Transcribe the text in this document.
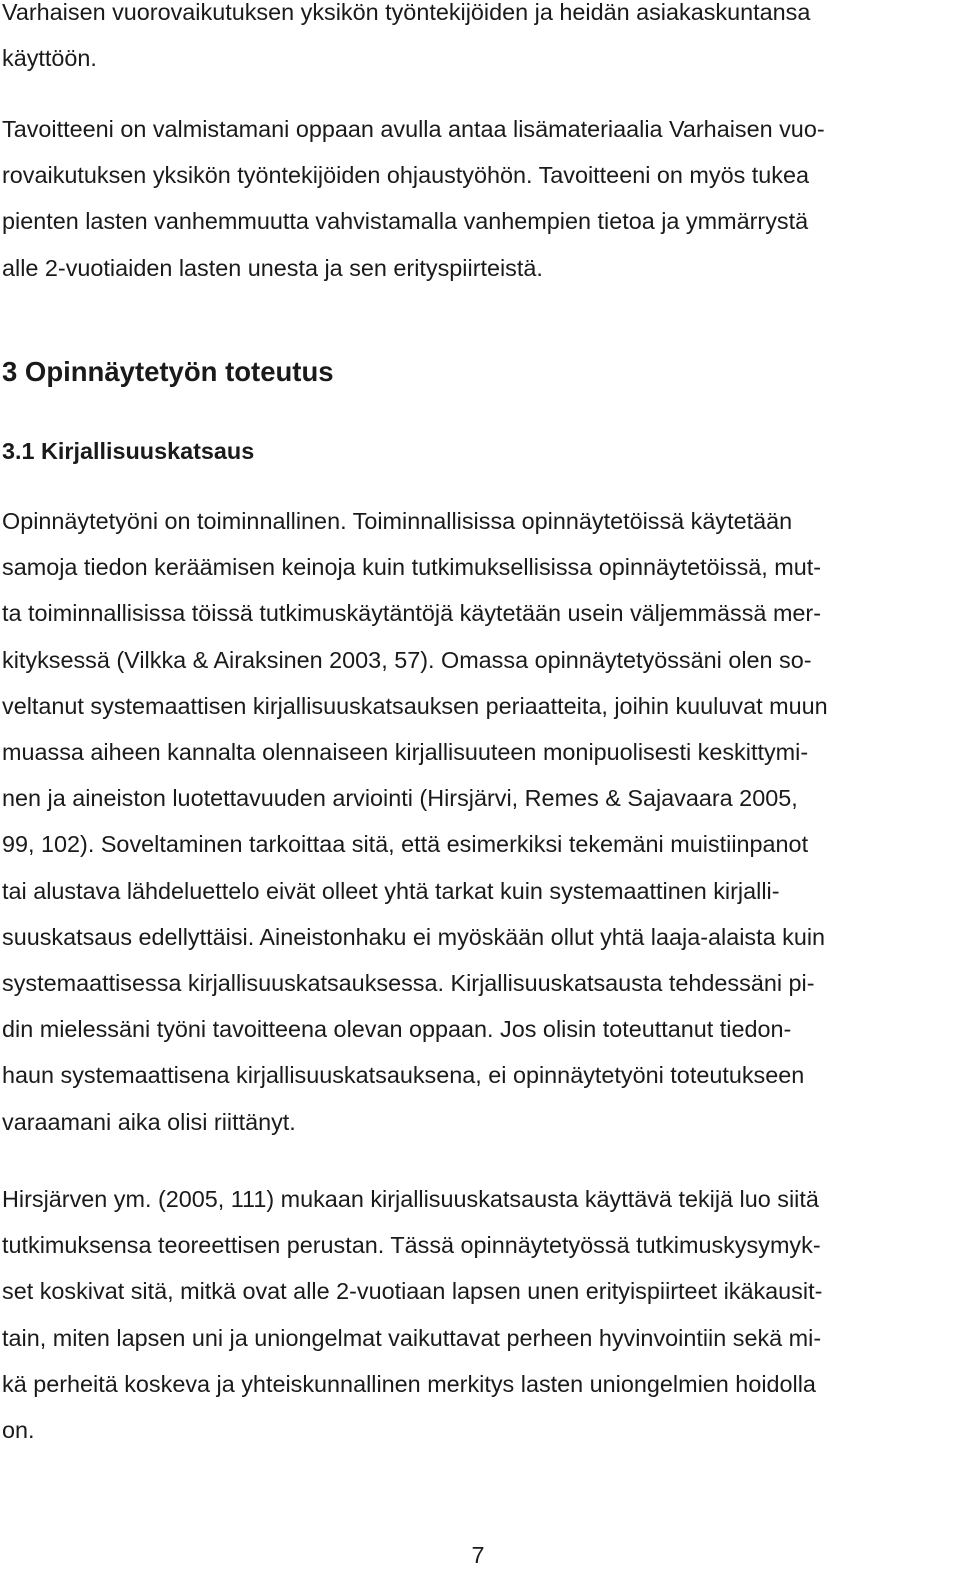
Varhaisen vuorovaikutuksen yksikön työntekijöiden ja heidän asiakaskuntansa
käyttöön.

Tavoitteeni on valmistamani oppaan avulla antaa lisämateriaalia Varhaisen vuo-
rovaikutuksen yksikön työntekijöiden ohjaustyöhön. Tavoitteeni on myös tukea
pienten lasten vanhemmuutta vahvistamalla vanhempien tietoa ja ymmärrystä
alle 2-vuotiaiden lasten unesta ja sen erityspiirteistä.

3 Opinnäytetyön toteutus
3.1 Kirjallisuuskatsaus

Opinnäytetyöni on toiminnallinen. Toiminnallisissa opinnäytetöissä käytetään
samoja tiedon keräämisen keinoja kuin tutkimuksellisissa opinnäytetöissä, mut-
ta toiminnallisissa töissä tutkimuskäytäntöjä käytetään usein väljemmässä mer-
kityksessä (Vilkka & Airaksinen 2003, 57). Omassa opinnäytetyössäni olen so-
veltanut systemaattisen kirjallisuuskatsauksen periaatteita, joihin kuuluvat muun
muassa aiheen kannalta olennaiseen kirjallisuuteen monipuolisesti keskittymi-
nen ja aineiston luotettavuuden arviointi (Hirsjärvi, Remes & Sajavaara 2005,
99, 102). Soveltaminen tarkoittaa sitä, että esimerkiksi tekemäni muistiinpanot
tai alustava lähdeluettelo eivät olleet yhtä tarkat kuin systemaattinen kirjalli-
suuskatsaus edellyttäisi. Aineistonhaku ei myöskään ollut yhtä laaja-alaista kuin
systemaattisessa kirjallisuuskatsauksessa. Kirjallisuuskatsausta tehdessäni pi-
din mielessäni työni tavoitteena olevan oppaan. Jos olisin toteuttanut tiedon-
haun systemaattisena kirjallisuuskatsauksena, ei opinnäytetyöni toteutukseen
varaamani aika olisi riittänyt.

Hirsjärven ym. (2005, 111) mukaan kirjallisuuskatsausta käyttävä tekijä luo siitä
tutkimuksensa teoreettisen perustan. Tässä opinnäytetyössä tutkimuskysymyk-
set koskivat sitä, mitkä ovat alle 2-vuotiaan lapsen unen erityispiirteet ikäkausit-
tain, miten lapsen uni ja uniongelmat vaikuttavat perheen hyvinvointiin sekä mi-
kä perheitä koskeva ja yhteiskunnallinen merkitys lasten uniongelmien hoidolla
on.

7
